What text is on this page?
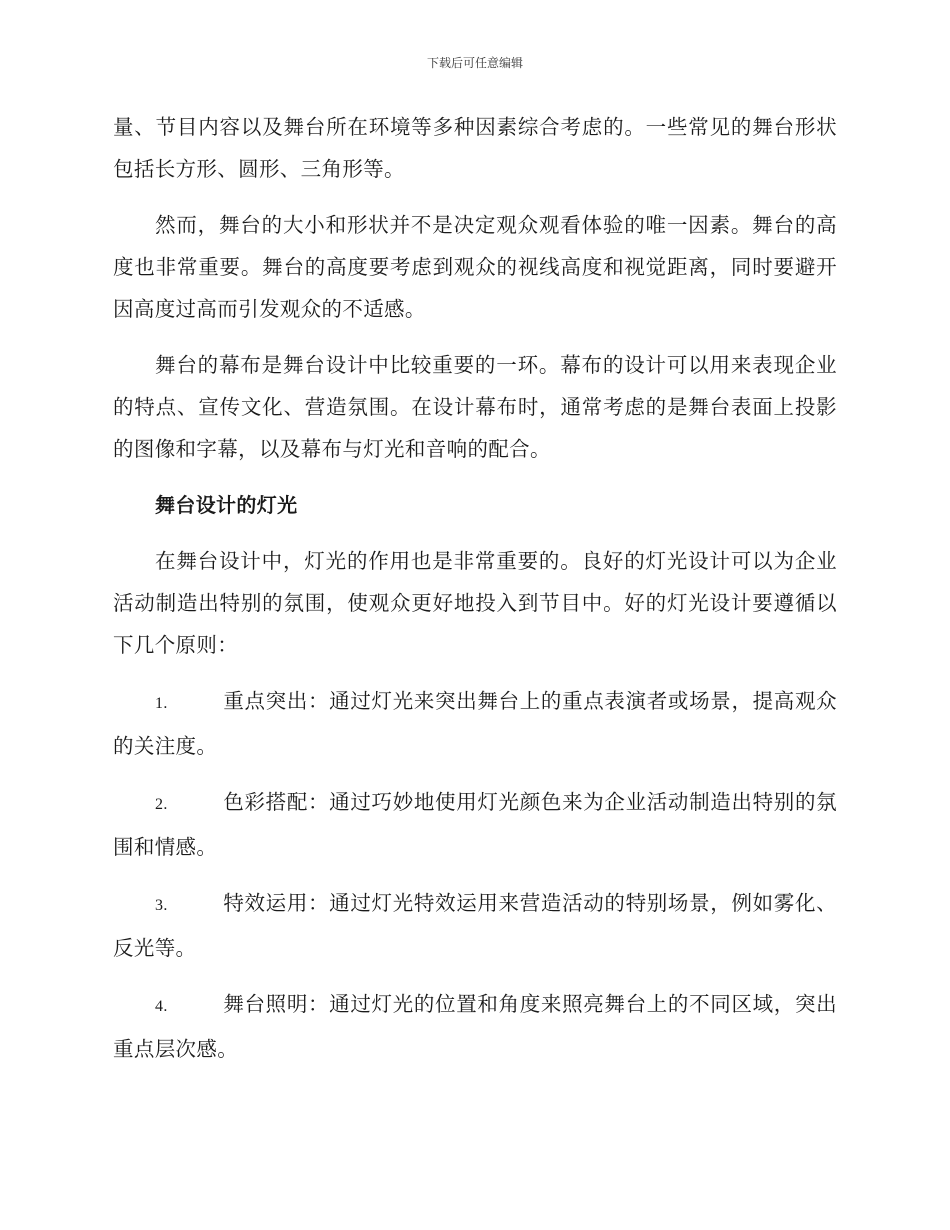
下载后可任意编辑

量、节目内容以及舞台所在环境等多种因素综合考虑的。一些常见的舞台形状包括长方形、圆形、三角形等。

然而，舞台的大小和形状并不是决定观众观看体验的唯一因素。舞台的高度也非常重要。舞台的高度要考虑到观众的视线高度和视觉距离，同时要避开因高度过高而引发观众的不适感。

舞台的幕布是舞台设计中比较重要的一环。幕布的设计可以用来表现企业的特点、宣传文化、营造氛围。在设计幕布时，通常考虑的是舞台表面上投影的图像和字幕，以及幕布与灯光和音响的配合。

舞台设计的灯光

在舞台设计中，灯光的作用也是非常重要的。良好的灯光设计可以为企业活动制造出特别的氛围，使观众更好地投入到节目中。好的灯光设计要遵循以下几个原则：

1.	重点突出：通过灯光来突出舞台上的重点表演者或场景，提高观众的关注度。

2.	色彩搭配：通过巧妙地使用灯光颜色来为企业活动制造出特别的氛围和情感。

3.	特效运用：通过灯光特效运用来营造活动的特别场景，例如雾化、反光等。

4.	舞台照明：通过灯光的位置和角度来照亮舞台上的不同区域，突出重点层次感。
